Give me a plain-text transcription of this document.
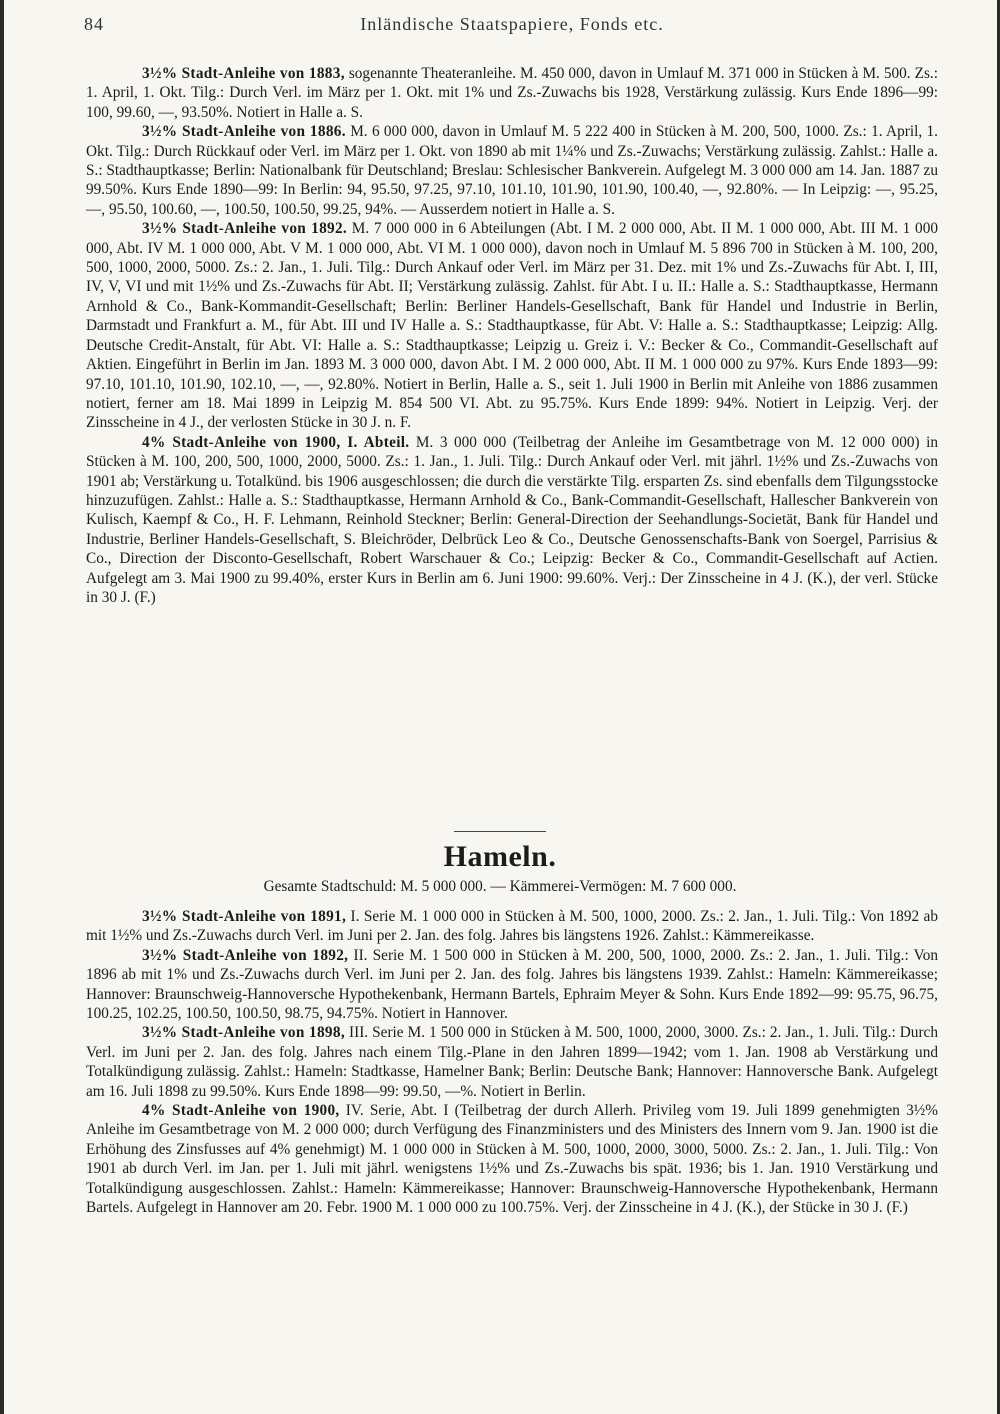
84	Inländische Staatspapiere, Fonds etc.

3½% Stadt-Anleihe von 1883, sogenannte Theateranleihe. M. 450 000, davon in Umlauf M. 371 000 in Stücken à M. 500. Zs.: 1. April, 1. Okt. Tilg.: Durch Verl. im März per 1. Okt. mit 1% und Zs.-Zuwachs bis 1928, Verstärkung zulässig. Kurs Ende 1896—99: 100, 99.60, —, 93.50%. Notiert in Halle a. S.

3½% Stadt-Anleihe von 1886. M. 6 000 000, davon in Umlauf M. 5 222 400 in Stücken à M. 200, 500, 1000. Zs.: 1. April, 1. Okt. Tilg.: Durch Rückkauf oder Verl. im März per 1. Okt. von 1890 ab mit 1¼% und Zs.-Zuwachs; Verstärkung zulässig. Zahlst.: Halle a. S.: Stadthauptkasse; Berlin: Nationalbank für Deutschland; Breslau: Schlesischer Bankverein. Aufgelegt M. 3 000 000 am 14. Jan. 1887 zu 99.50%. Kurs Ende 1890—99: In Berlin: 94, 95.50, 97.25, 97.10, 101.10, 101.90, 101.90, 100.40, —, 92.80%. — In Leipzig: —, 95.25, —, 95.50, 100.60, —, 100.50, 100.50, 99.25, 94%. — Ausserdem notiert in Halle a. S.

3½% Stadt-Anleihe von 1892. M. 7 000 000 in 6 Abteilungen (Abt. I M. 2 000 000, Abt. II M. 1 000 000, Abt. III M. 1 000 000, Abt. IV M. 1 000 000, Abt. V M. 1 000 000, Abt. VI M. 1 000 000), davon noch in Umlauf M. 5 896 700 in Stücken à M. 100, 200, 500, 1000, 2000, 5000. Zs.: 2. Jan., 1. Juli. Tilg.: Durch Ankauf oder Verl. im März per 31. Dez. mit 1% und Zs.-Zuwachs für Abt. I, III, IV, V, VI und mit 1½% und Zs.-Zuwachs für Abt. II; Verstärkung zulässig. Zahlst. für Abt. I u. II.: Halle a. S.: Stadthauptkasse, Hermann Arnhold & Co., Bank-Kommandit-Gesellschaft; Berlin: Berliner Handels-Gesellschaft, Bank für Handel und Industrie in Berlin, Darmstadt und Frankfurt a. M., für Abt. III und IV Halle a. S.: Stadthauptkasse, für Abt. V: Halle a. S.: Stadthauptkasse; Leipzig: Allg. Deutsche Credit-Anstalt, für Abt. VI: Halle a. S.: Stadthauptkasse; Leipzig u. Greiz i. V.: Becker & Co., Commandit-Gesellschaft auf Aktien. Eingeführt in Berlin im Jan. 1893 M. 3 000 000, davon Abt. I M. 2 000 000, Abt. II M. 1 000 000 zu 97%. Kurs Ende 1893—99: 97.10, 101.10, 101.90, 102.10, —, —, 92.80%. Notiert in Berlin, Halle a. S., seit 1. Juli 1900 in Berlin mit Anleihe von 1886 zusammen notiert, ferner am 18. Mai 1899 in Leipzig M. 854 500 VI. Abt. zu 95.75%. Kurs Ende 1899: 94%. Notiert in Leipzig. Verj. der Zinsscheine in 4 J., der verlosten Stücke in 30 J. n. F.

4% Stadt-Anleihe von 1900, I. Abteil. M. 3 000 000 (Teilbetrag der Anleihe im Gesamtbetrage von M. 12 000 000) in Stücken à M. 100, 200, 500, 1000, 2000, 5000. Zs.: 1. Jan., 1. Juli. Tilg.: Durch Ankauf oder Verl. mit jährl. 1½% und Zs.-Zuwachs von 1901 ab; Verstärkung u. Totalkünd. bis 1906 ausgeschlossen; die durch die verstärkte Tilg. ersparten Zs. sind ebenfalls dem Tilgungsstocke hinzuzufügen. Zahlst.: Halle a. S.: Stadthauptkasse, Hermann Arnhold & Co., Bank-Commandit-Gesellschaft, Hallescher Bankverein von Kulisch, Kaempf & Co., H. F. Lehmann, Reinhold Steckner; Berlin: General-Direction der Seehandlungs-Societät, Bank für Handel und Industrie, Berliner Handels-Gesellschaft, S. Bleichröder, Delbrück Leo & Co., Deutsche Genossenschafts-Bank von Soergel, Parrisius & Co., Direction der Disconto-Gesellschaft, Robert Warschauer & Co.; Leipzig: Becker & Co., Commandit-Gesellschaft auf Actien. Aufgelegt am 3. Mai 1900 zu 99.40%, erster Kurs in Berlin am 6. Juni 1900: 99.60%. Verj.: Der Zinsscheine in 4 J. (K.), der verl. Stücke in 30 J. (F.)

Hameln.
Gesamte Stadtschuld: M. 5 000 000. — Kämmerei-Vermögen: M. 7 600 000.

3½% Stadt-Anleihe von 1891, I. Serie M. 1 000 000 in Stücken à M. 500, 1000, 2000. Zs.: 2. Jan., 1. Juli. Tilg.: Von 1892 ab mit 1½% und Zs.-Zuwachs durch Verl. im Juni per 2. Jan. des folg. Jahres bis längstens 1926. Zahlst.: Kämmereikasse.

3½% Stadt-Anleihe von 1892, II. Serie M. 1 500 000 in Stücken à M. 200, 500, 1000, 2000. Zs.: 2. Jan., 1. Juli. Tilg.: Von 1896 ab mit 1% und Zs.-Zuwachs durch Verl. im Juni per 2. Jan. des folg. Jahres bis längstens 1939. Zahlst.: Hameln: Kämmereikasse; Hannover: Braunschweig-Hannoversche Hypothekenbank, Hermann Bartels, Ephraim Meyer & Sohn. Kurs Ende 1892—99: 95.75, 96.75, 100.25, 102.25, 100.50, 100.50, 98.75, 94.75%. Notiert in Hannover.

3½% Stadt-Anleihe von 1898, III. Serie M. 1 500 000 in Stücken à M. 500, 1000, 2000, 3000. Zs.: 2. Jan., 1. Juli. Tilg.: Durch Verl. im Juni per 2. Jan. des folg. Jahres nach einem Tilg.-Plane in den Jahren 1899—1942; vom 1. Jan. 1908 ab Verstärkung und Totalkündigung zulässig. Zahlst.: Hameln: Stadtkasse, Hamelner Bank; Berlin: Deutsche Bank; Hannover: Hannoversche Bank. Aufgelegt am 16. Juli 1898 zu 99.50%. Kurs Ende 1898—99: 99.50, —%. Notiert in Berlin.

4% Stadt-Anleihe von 1900, IV. Serie, Abt. I (Teilbetrag der durch Allerh. Privileg vom 19. Juli 1899 genehmigten 3½% Anleihe im Gesamtbetrage von M. 2 000 000; durch Verfügung des Finanzministers und des Ministers des Innern vom 9. Jan. 1900 ist die Erhöhung des Zinsfusses auf 4% genehmigt) M. 1 000 000 in Stücken à M. 500, 1000, 2000, 3000, 5000. Zs.: 2. Jan., 1. Juli. Tilg.: Von 1901 ab durch Verl. im Jan. per 1. Juli mit jährl. wenigstens 1½% und Zs.-Zuwachs bis spät. 1936; bis 1. Jan. 1910 Verstärkung und Totalkündigung ausgeschlossen. Zahlst.: Hameln: Kämmereikasse; Hannover: Braunschweig-Hannoversche Hypothekenbank, Hermann Bartels. Aufgelegt in Hannover am 20. Febr. 1900 M. 1 000 000 zu 100.75%. Verj. der Zinsscheine in 4 J. (K.), der Stücke in 30 J. (F.)
